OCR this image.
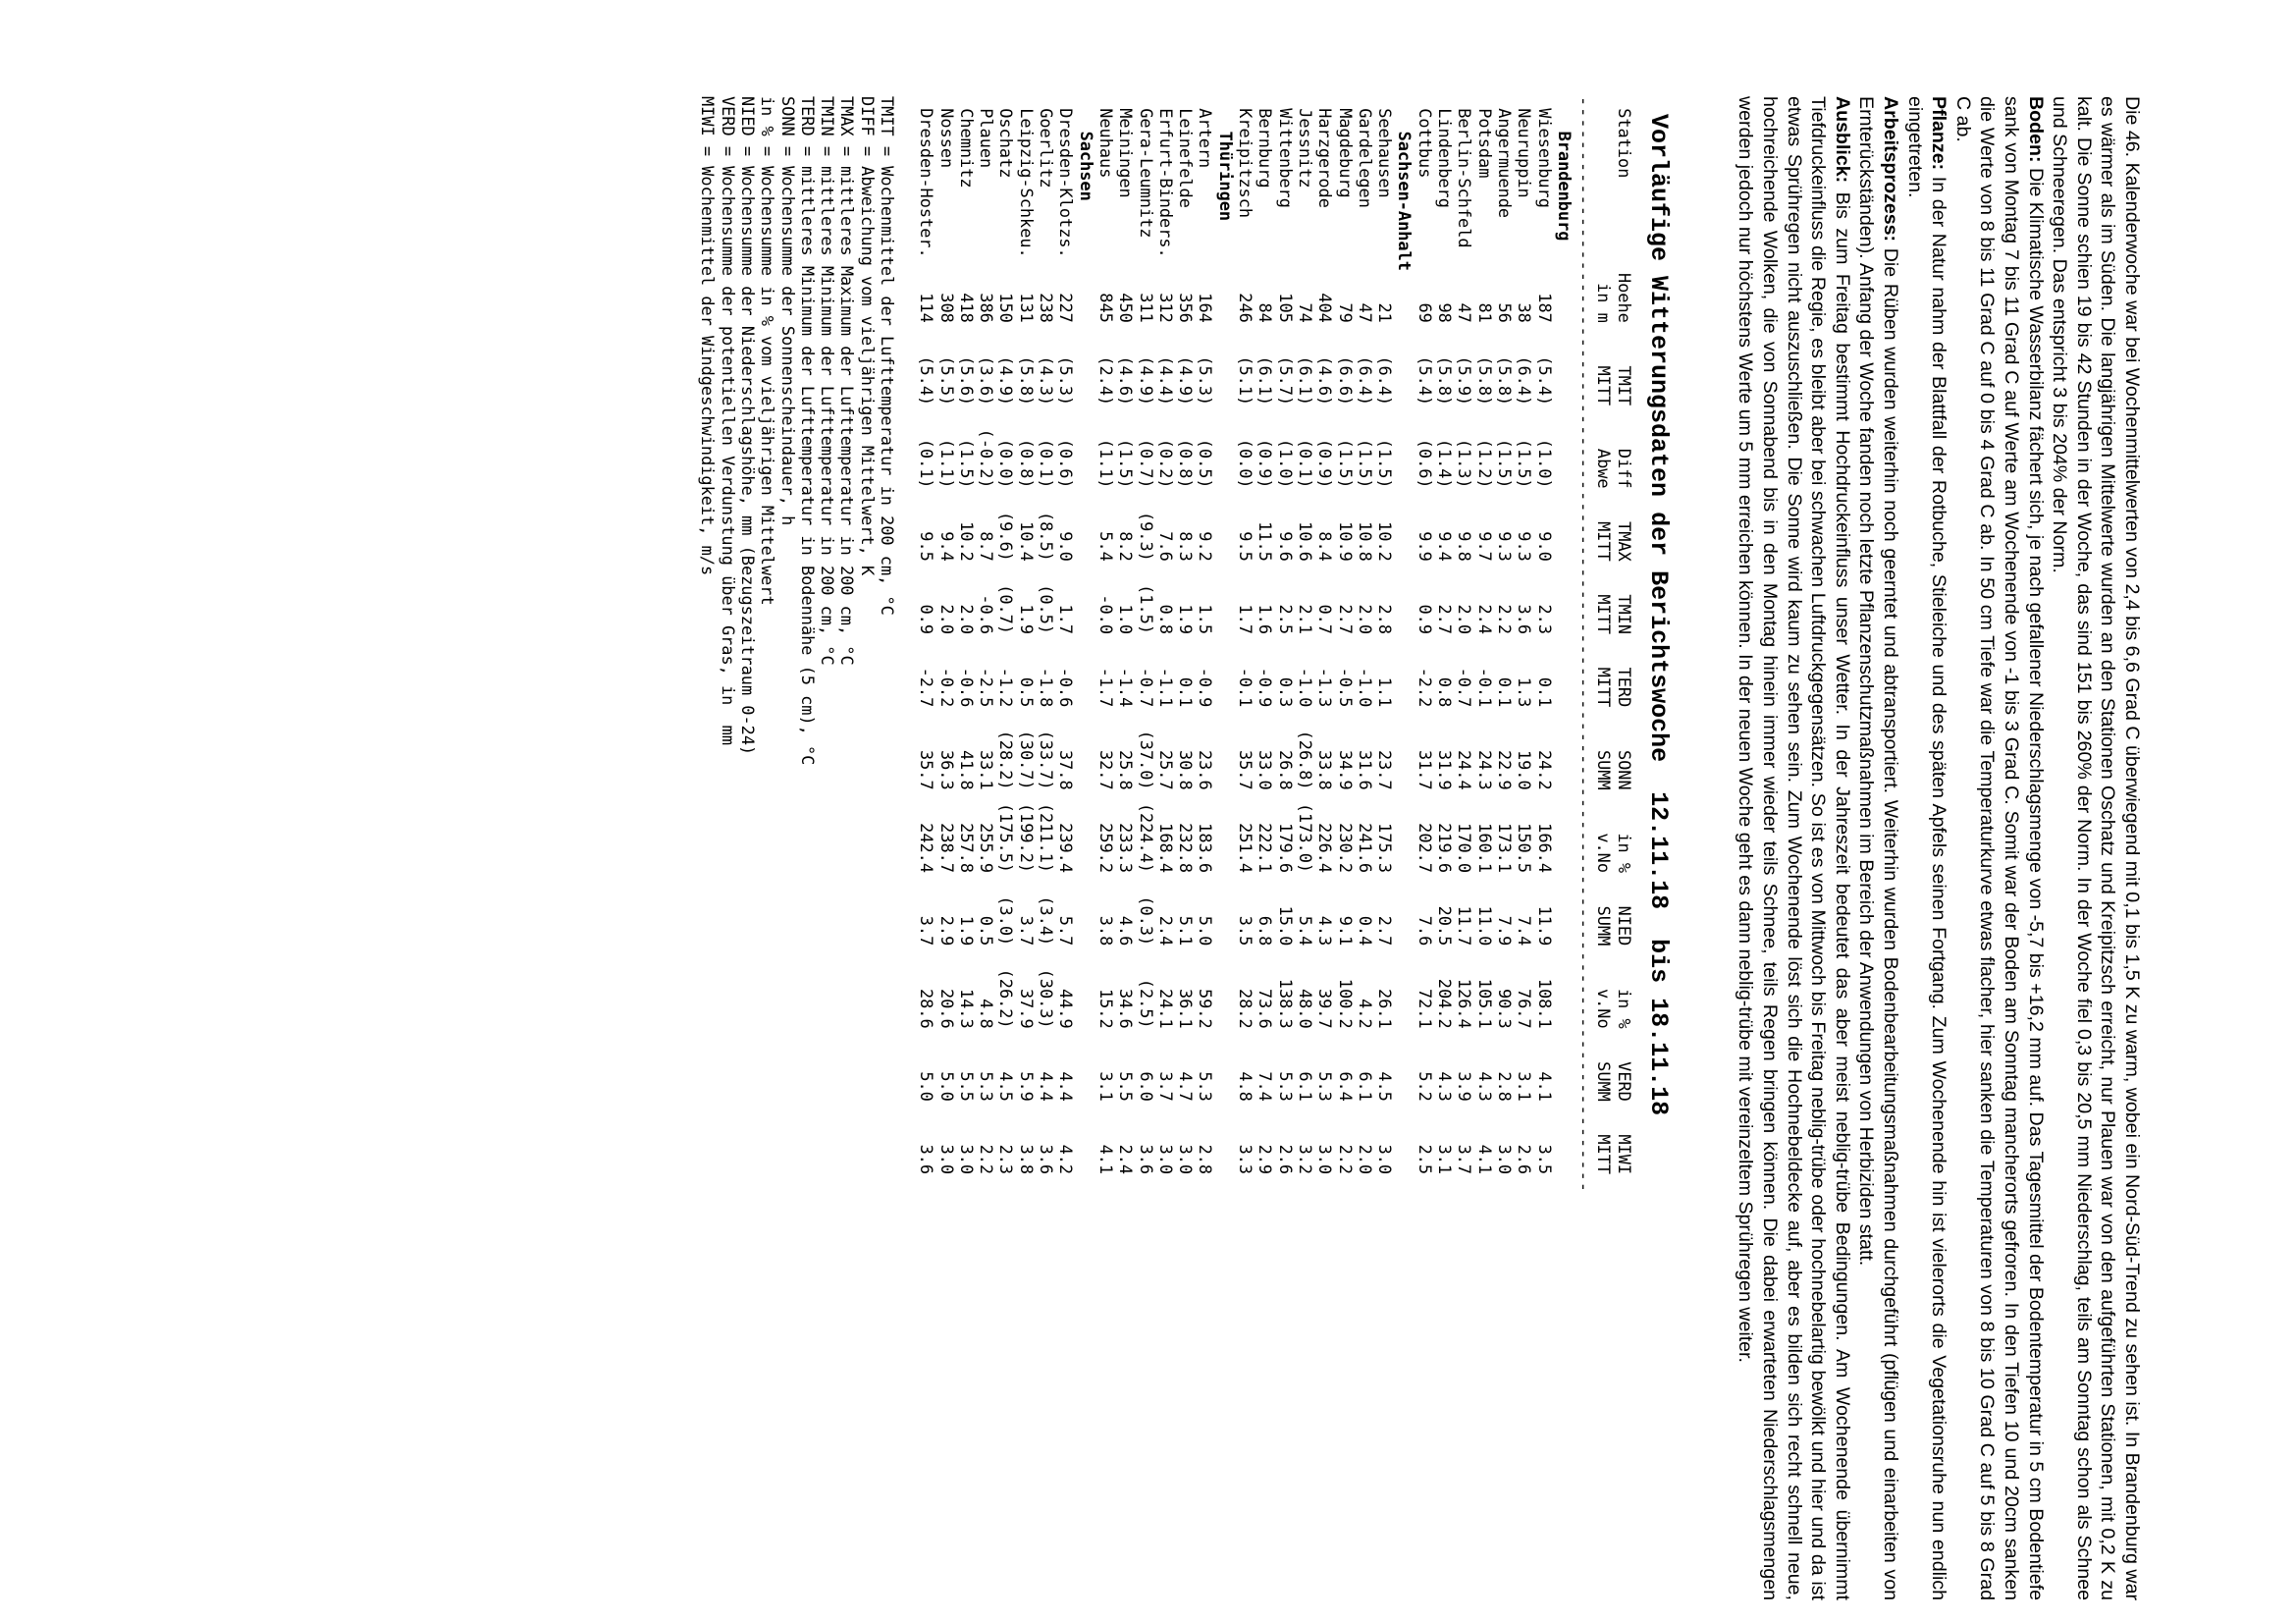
Die 46. Kalenderwoche war bei Wochenmittelwerten von 2,4 bis 6,6 Grad C überwiegend mit 0,1 bis 1,5 K zu warm, wobei ein Nord-Süd-Trend zu sehen ist. In Brandenburg war es wärmer als im Süden. Die langjährigen Mittelwerte wurden an den Stationen Oschatz und Kreipitzsch erreicht, nur Plauen war von den aufgeführten Stationen, mit 0,2 K zu kalt. Die Sonne schien 19 bis 42 Stunden in der Woche, das sind 151 bis 260% der Norm. In der Woche fiel 0,3 bis 20,5 mm Niederschlag, teils am Sonntag schon als Schnee und Schneeregen. Das entspricht 3 bis 204% der Norm.

Boden: Die Klimatische Wasserbilanz fächert sich, je nach gefallener Niederschlagsmenge von -5,7 bis +16,2 mm auf. Das Tagesmittel der Bodentemperatur in 5 cm Bodentiefe sank von Montag 7 bis 11 Grad C auf Werte am Wochenende von -1 bis 3 Grad C. Somit war der Boden am Sonntag mancherorts gefroren. In den Tiefen 10 und 20cm sanken die Werte von 8 bis 11 Grad C auf 0 bis 4 Grad C ab. In 50 cm Tiefe war die Temperaturkurve etwas flacher, hier sanken die Temperaturen von 8 bis 10 Grad C auf 5 bis 8 Grad C ab.

Pflanze: In der Natur nahm der Blattfall der Rotbuche, Stieleiche und des späten Apfels seinen Fortgang. Zum Wochenende hin ist vielerorts die Vegetationsruhe nun endlich eingetreten.

Arbeitsprozess: Die Rüben wurden weiterhin noch geerntet und abtransportiert. Weiterhin wurden Bodenbearbeitungsmaßnahmen durchgeführt (pflügen und einarbeiten von Ernterückständen). Anfang der Woche fanden noch letzte Pflanzenschutzmaßnahmen im Bereich der Anwendungen von Herbiziden statt.

Ausblick: Bis zum Freitag bestimmt Hochdruckeinfluss unser Wetter. In der Jahreszeit bedeutet das aber meist neblig-trübe Bedingungen. Am Wochenende übernimmt Tiefdruckeinfluss die Regie, es bleibt aber bei schwachen Luftdruckgegensätzen. So ist es von Mittwoch bis Freitag neblig-trübe oder hochnebelartig bewölkt und hier und da ist etwas Sprühregen nicht auszuschließen. Die Sonne wird kaum zu sehen sein. Zum Wochenende löst sich die Hochnebeldecke auf, aber es bilden sich recht schnell neue, hochreichende Wolken, die von Sonnabend bis in den Montag hinein immer wieder teils Schnee, teils Regen bringen können. Die dabei erwarteten Niederschlagsmengen werden jedoch nur höchstens Werte um 5 mm erreichen können. In der neuen Woche geht es dann neblig-trübe mit vereinzeltem Sprühregen weiter.

Vorläufige Witterungsdaten der Berichtswoche  12.11.18  bis 18.11.18
StationHoeheTMITDiffTMAXTMINTERDSONNin %NIEDin %VERDMIWI
in mMITTAbweMITTMITTMITTSUMMv.NoSUMMv.NoSUMMMITT
----------------------------------------------------------------------------------------------------
Brandenburg
Wiesenburg187(5.4)(1.0)9.02.30.124.2166.411.9108.14.13.5
Neuruppin38(6.4)(1.5)9.33.61.319.0150.57.476.73.12.6
Angermuende56(5.8)(1.5)9.32.20.122.9173.17.990.32.83.0
Potsdam81(5.8)(1.2)9.72.4-0.124.3160.111.0105.14.34.1
Berlin-Schfeld47(5.9)(1.3)9.82.0-0.724.4170.011.7126.43.93.7
Lindenberg98(5.8)(1.4)9.42.70.831.9219.620.5204.24.33.1
Cottbus69(5.4)(0.6)9.90.9-2.231.7202.77.672.15.22.5
Sachsen-Anhalt
Seehausen21(6.4)(1.5)10.22.81.123.7175.32.726.14.53.0
Gardelegen47(6.4)(1.5)10.82.0-1.031.6241.60.44.26.12.0
Magdeburg79(6.6)(1.5)10.92.7-0.534.9230.29.1100.26.42.2
Harzgerode404(4.6)(0.9)8.40.7-1.333.8226.44.339.75.33.0
Jessnitz74(6.1)(0.1)10.62.1-1.0(26.8)(173.0)5.448.06.13.2
Wittenberg105(5.7)(1.0)9.62.50.326.8179.615.0138.35.32.6
Bernburg84(6.1)(0.9)11.51.6-0.933.0222.16.873.67.42.9
Kreipitzsch246(5.1)(0.0)9.51.7-0.135.7251.43.528.24.83.3
Thüringen
Artern164(5.3)(0.5)9.21.5-0.923.6183.65.059.25.32.8
Leinefelde356(4.9)(0.8)8.31.90.130.8232.85.136.14.73.0
Erfurt-Binders.312(4.4)(0.2)7.60.8-1.125.7168.42.424.13.73.0
Gera-Leumnitz311(4.9)(0.7)(9.3)(1.5)-0.7(37.0)(224.4)(0.3)(2.5)6.03.6
Meiningen450(4.6)(1.5)8.21.0-1.425.8233.34.634.65.52.4
Neuhaus845(2.4)(1.1)5.4-0.0-1.732.7259.23.815.23.14.1
Sachsen
Dresden-Klotzs.227(5.3)(0.6)9.01.7-0.637.8239.45.744.94.44.2
Goerlitz238(4.3)(0.1)(8.5)(0.5)-1.8(33.7)(211.1)(3.4)(30.3)4.43.6
Leipzig-Schkeu.131(5.8)(0.8)10.41.90.5(30.7)(199.2)3.737.95.93.8
Oschatz150(4.9)(0.0)(9.6)(0.7)-1.2(28.2)(175.5)(3.0)(26.2)4.52.3
Plauen386(3.6)(-0.2)8.7-0.6-2.533.1255.90.54.85.32.2
Chemnitz418(5.6)(1.5)10.22.0-0.641.8257.81.914.35.53.0
Nossen308(5.5)(1.1)9.42.0-0.236.3238.72.920.65.03.0
Dresden-Hoster.114(5.4)(0.1)9.50.9-2.735.7242.43.728.65.03.6
TMIT = Wochenmittel der Lufttemperatur in 200 cm, °C
DIFF = Abweichung vom vieljährigen Mittelwert, K
TMAX = mittleres Maximum der Lufttemperatur in 200 cm, °C
TMIN = mittleres Minimum der Lufttemperatur in 200 cm, °C
TERD = mittleres Minimum der Lufttemperatur in Bodennähe (5 cm), °C
SONN = Wochensumme der Sonnenscheindauer, h
in % = Wochensumme in % vom vieljährigen Mittelwert
NIED = Wochensumme der Niederschlagshöhe, mm (Bezugszeitraum 0-24)
VERD = Wochensumme der potentiellen Verdunstung über Gras, in  mm
MIWI = Wochenmittel der Windgeschwindigkeit, m/s
